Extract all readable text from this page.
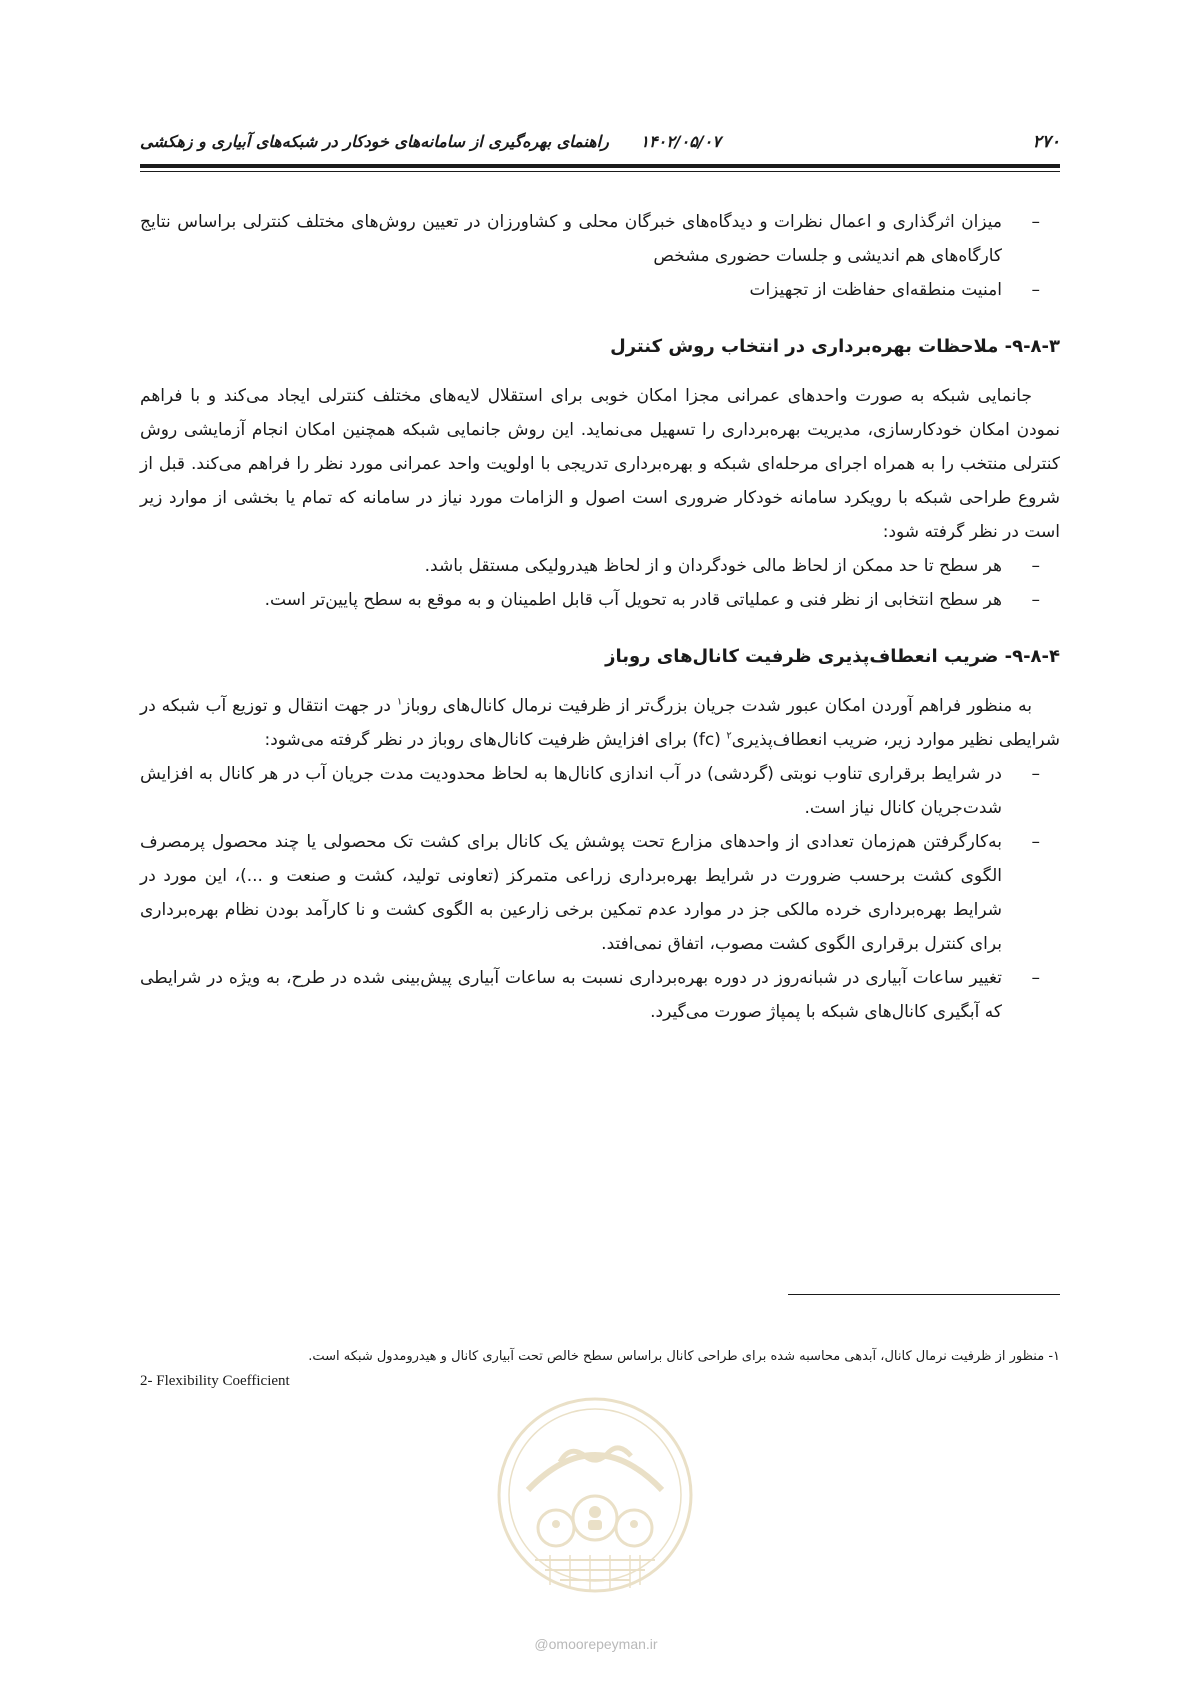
۲۷۰
۱۴۰۲/۰۵/۰۷ راهنمای بهره‌گیری از سامانه‌های خودکار در شبکه‌های آبیاری و زهکشی
– میزان اثرگذاری و اعمال نظرات و دیدگاه‌های خبرگان محلی و کشاورزان در تعیین روش‌های مختلف کنترلی براساس نتایج کارگاه‌های هم اندیشی و جلسات حضوری مشخص
– امنیت منطقه‌ای حفاظت از تجهیزات
۹-۸-۳- ملاحظات بهره‌برداری در انتخاب روش کنترل

جانمایی شبکه به صورت واحدهای عمرانی مجزا امکان خوبی برای استقلال لایه‌های مختلف کنترلی ایجاد می‌کند و با فراهم نمودن امکان خودکارسازی، مدیریت بهره‌برداری را تسهیل می‌نماید. این روش جانمایی شبکه همچنین امکان انجام آزمایشی روش کنترلی منتخب را به همراه اجرای مرحله‌ای شبکه و بهره‌برداری تدریجی با اولویت واحد عمرانی مورد نظر را فراهم می‌کند. قبل از شروع طراحی شبکه با رویکرد سامانه خودکار ضروری است اصول و الزامات مورد نیاز در سامانه که تمام یا بخشی از موارد زیر است در نظر گرفته شود:

– هر سطح تا حد ممکن از لحاظ مالی خودگردان و از لحاظ هیدرولیکی مستقل باشد.
– هر سطح انتخابی از نظر فنی و عملیاتی قادر به تحویل آب قابل اطمینان و به موقع به سطح پایین‌تر است.
۹-۸-۴- ضریب انعطاف‌پذیری ظرفیت کانال‌های روباز

به منظور فراهم آوردن امکان عبور شدت جریان بزرگ‌تر از ظرفیت نرمال کانال‌های روباز$^۱$ در جهت انتقال و توزیع آب شبکه در شرایطی نظیر موارد زیر، ضریب انعطاف‌پذیری$^۲$ (fc) برای افزایش ظرفیت کانال‌های روباز در نظر گرفته می‌شود:

– در شرایط برقراری تناوب نوبتی (گردشی) در آب اندازی کانال‌ها به لحاظ محدودیت مدت جریان آب در هر کانال به افزایش شدت‌جریان کانال نیاز است.
– به‌کارگرفتن هم‌زمان تعدادی از واحدهای مزارع تحت پوشش یک کانال برای کشت تک محصولی یا چند محصول پرمصرف الگوی کشت برحسب ضرورت در شرایط بهره‌برداری زراعی متمرکز (تعاونی تولید، کشت و صنعت و ...)، این مورد در شرایط بهره‌برداری خرده مالکی جز در موارد عدم تمکین برخی زارعین به الگوی کشت و نا کارآمد بودن نظام بهره‌برداری برای کنترل برقراری الگوی کشت مصوب، اتفاق نمی‌افتد.
– تغییر ساعات آبیاری در شبانه‌روز در دوره بهره‌برداری نسبت به ساعات آبیاری پیش‌بینی شده در طرح، به ویژه در شرایطی که آبگیری کانال‌های شبکه با پمپاژ صورت می‌گیرد.
۱- منظور از ظرفیت نرمال کانال، آبدهی محاسبه شده برای طراحی کانال براساس سطح خالص تحت آبیاری کانال و هیدرومدول شبکه است.
2- Flexibility Coefficient
@omoorepeyman.ir
